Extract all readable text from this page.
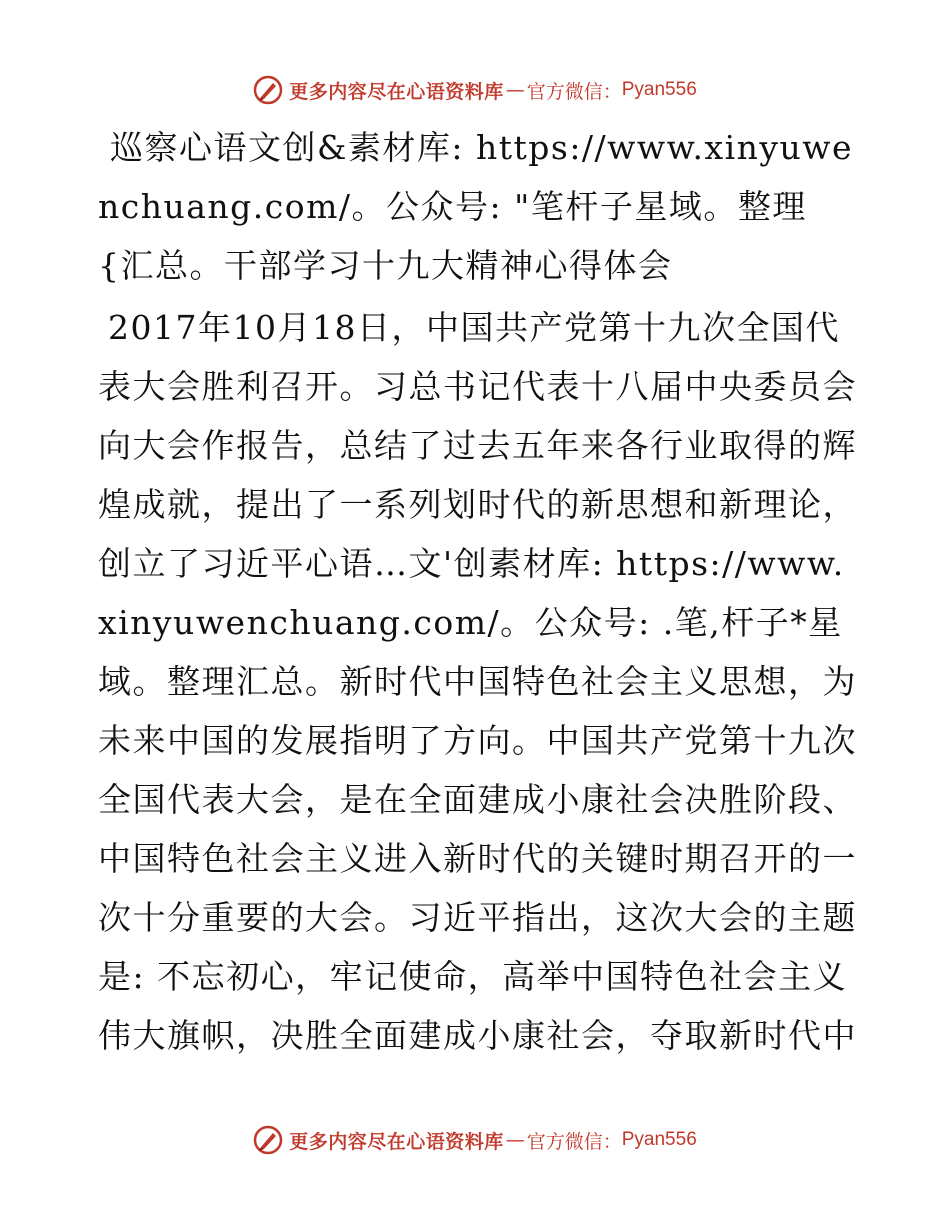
更多内容尽在心语资料库 — 官方微信： Pyan556

巡察心语文创&素材库: https://www.xinyuwenchuang.com/。公众号: "笔杆子星域。整理{汇总。干部学习十九大精神心得体会

2017年10月18日，中国共产党第十九次全国代表大会胜利召开。习总书记代表十八届中央委员会向大会作报告，总结了过去五年来各行业取得的辉煌成就，提出了一系列划时代的新思想和新理论，创立了习近平心语…文'创素材库: https://www.xinyuwenchuang.com/。公众号: .笔,杆子*星域。整理汇总。新时代中国特色社会主义思想，为未来中国的发展指明了方向。中国共产党第十九次全国代表大会，是在全面建成小康社会决胜阶段、中国特色社会主义进入新时代的关键时期召开的一次十分重要的大会。习近平指出，这次大会的主题是: 不忘初心，牢记使命，高举中国特色社会主义伟大旗帜，决胜全面建成小康社会，夺取新时代中

更多内容尽在心语资料库 — 官方微信： Pyan556
